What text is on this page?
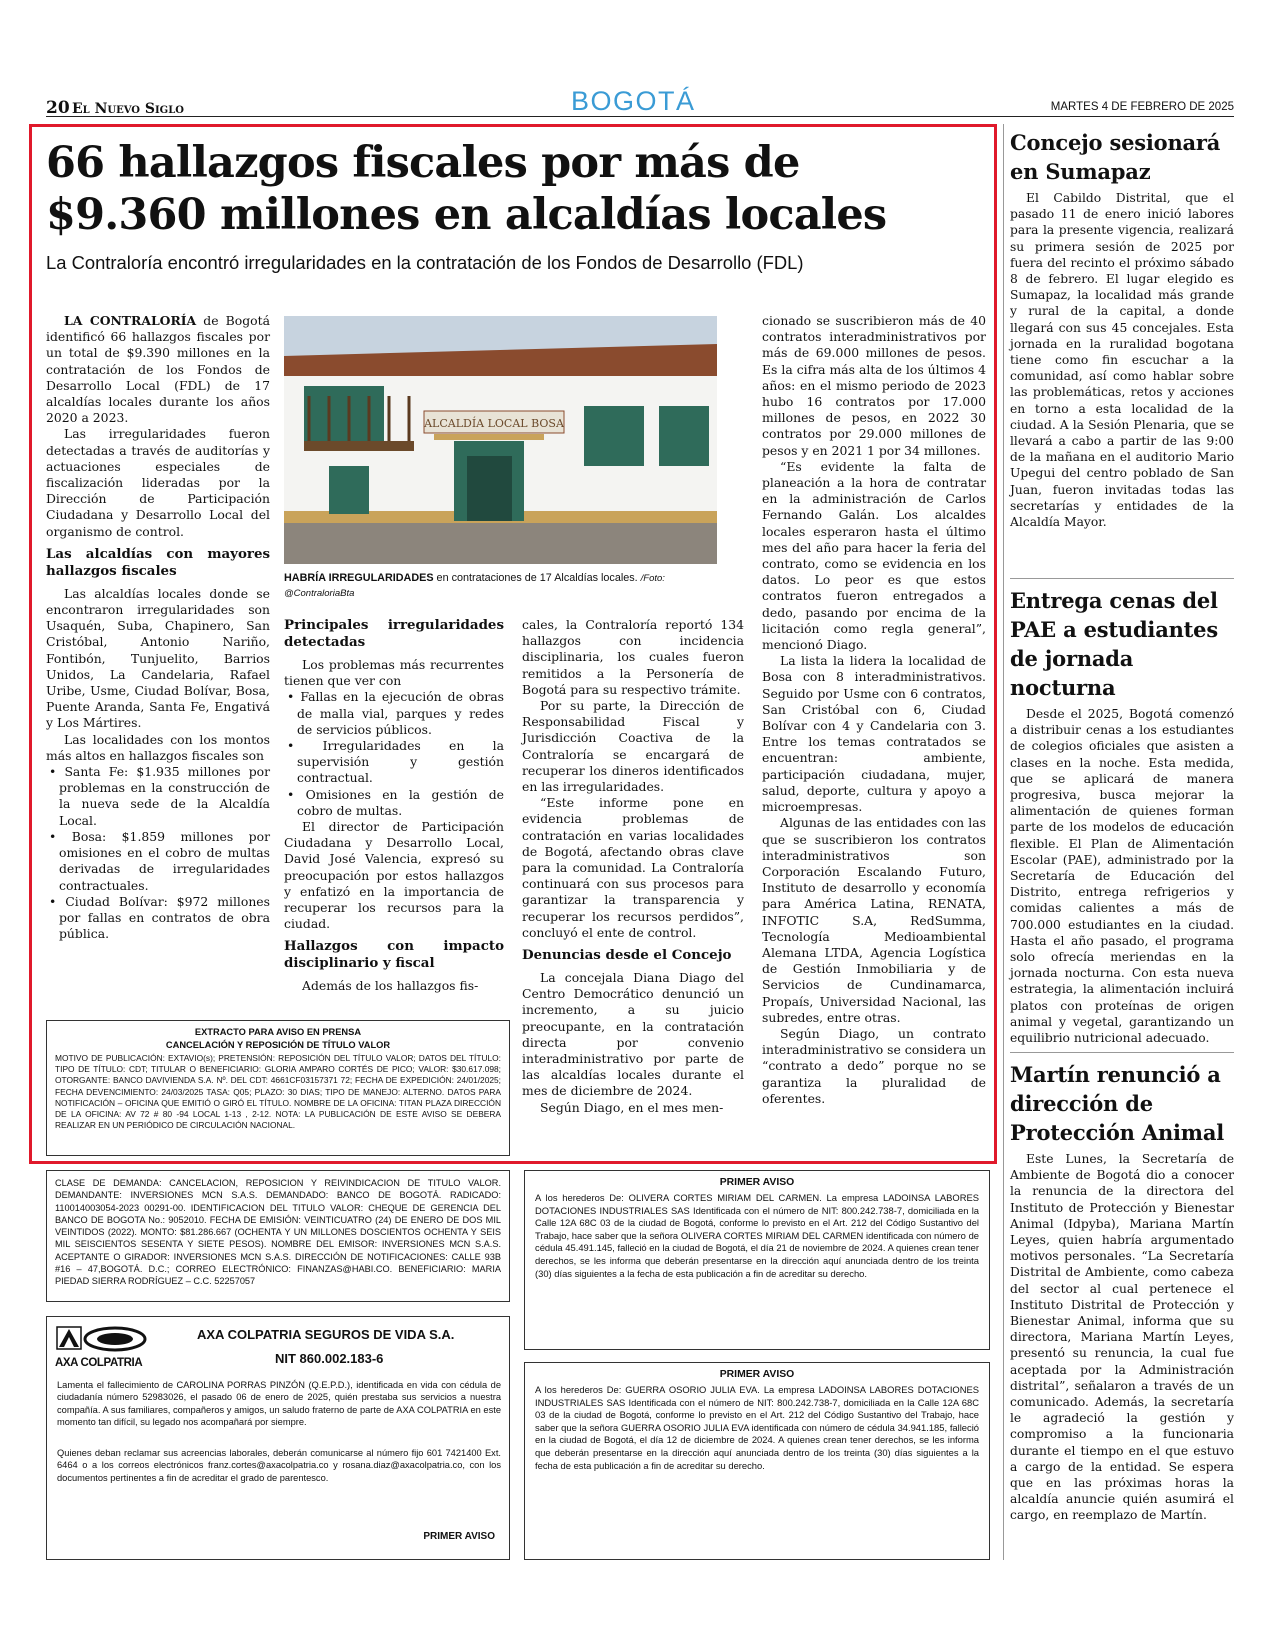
20 El Nuevo Siglo	BOGOTÁ	MARTES 4 DE FEBRERO DE 2025
66 hallazgos fiscales por más de
$9.360 millones en alcaldías locales
La Contraloría encontró irregularidades en la contratación de los Fondos de Desarrollo (FDL)

LA CONTRALORÍA de Bogotá identificó 66 hallazgos fiscales por un total de $9.390 millones en la contratación de los Fondos de Desarrollo Local (FDL) de 17 alcaldías locales durante los años 2020 a 2023.

Las irregularidades fueron detectadas a través de auditorías y actuaciones especiales de fiscalización lideradas por la Dirección de Participación Ciudadana y Desarrollo Local del organismo de control.

Las alcaldías con mayores hallazgos fiscales

Las alcaldías locales donde se encontraron irregularidades son Usaquén, Suba, Chapinero, San Cristóbal, Antonio Nariño, Fontibón, Tunjuelito, Barrios Unidos, La Candelaria, Rafael Uribe, Usme, Ciudad Bolívar, Bosa, Puente Aranda, Santa Fe, Engativá y Los Mártires.

Las localidades con los montos más altos en hallazgos fiscales son

• Santa Fe: $1.935 millones por problemas en la construcción de la nueva sede de la Alcaldía Local.
• Bosa: $1.859 millones por omisiones en el cobro de multas derivadas de irregularidades contractuales.
• Ciudad Bolívar: $972 millones por fallas en contratos de obra pública.
ALCALDÍA LOCAL BOSA
HABRÍA IRREGULARIDADES en contrataciones de 17 Alcaldías locales. /Foto: @ContraloriaBta
Principales irregularidades detectadas

Los problemas más recurrentes tienen que ver con

• Fallas en la ejecución de obras de malla vial, parques y redes de servicios públicos.
• Irregularidades en la supervisión y gestión contractual.
• Omisiones en la gestión de cobro de multas.

El director de Participación Ciudadana y Desarrollo Local, David José Valencia, expresó su preocupación por estos hallazgos y enfatizó en la importancia de recuperar los recursos para la ciudad.

Hallazgos con impacto disciplinario y fiscal

Además de los hallazgos fis-

cales, la Contraloría reportó 134 hallazgos con incidencia disciplinaria, los cuales fueron remitidos a la Personería de Bogotá para su respectivo trámite.

Por su parte, la Dirección de Responsabilidad Fiscal y Jurisdicción Coactiva de la Contraloría se encargará de recuperar los dineros identificados en las irregularidades.

“Este informe pone en evidencia problemas de contratación en varias localidades de Bogotá, afectando obras clave para la comunidad. La Contraloría continuará con sus procesos para garantizar la transparencia y recuperar los recursos perdidos”, concluyó el ente de control.

Denuncias desde el Concejo

La concejala Diana Diago del Centro Democrático denunció un incremento, a su juicio preocupante, en la contratación directa por convenio interadministrativo por parte de las alcaldías locales durante el mes de diciembre de 2024.

Según Diago, en el mes men-

cionado se suscribieron más de 40 contratos interadministrativos por más de 69.000 millones de pesos. Es la cifra más alta de los últimos 4 años: en el mismo periodo de 2023 hubo 16 contratos por 17.000 millones de pesos, en 2022 30 contratos por 29.000 millones de pesos y en 2021 1 por 34 millones.

“Es evidente la falta de planeación a la hora de contratar en la administración de Carlos Fernando Galán. Los alcaldes locales esperaron hasta el último mes del año para hacer la feria del contrato, como se evidencia en los datos. Lo peor es que estos contratos fueron entregados a dedo, pasando por encima de la licitación como regla general”, mencionó Diago.

La lista la lidera la localidad de Bosa con 8 interadministrativos. Seguido por Usme con 6 contratos, San Cristóbal con 6, Ciudad Bolívar con 4 y Candelaria con 3. Entre los temas contratados se encuentran: ambiente, participación ciudadana, mujer, salud, deporte, cultura y apoyo a microempresas.

Algunas de las entidades con las que se suscribieron los contratos interadministrativos son Corporación Escalando Futuro, Instituto de desarrollo y economía para América Latina, RENATA, INFOTIC S.A, RedSumma, Tecnología Medioambiental Alemana LTDA, Agencia Logística de Gestión Inmobiliaria y de Servicios de Cundinamarca, Propaís, Universidad Nacional, las subredes, entre otras.

Según Diago, un contrato interadministrativo se considera un “contrato a dedo” porque no se garantiza la pluralidad de oferentes.

EXTRACTO PARA AVISO EN PRENSA
CANCELACIÓN Y REPOSICIÓN DE TÍTULO VALOR
MOTIVO DE PUBLICACIÓN: EXTAVIO(s); PRETENSIÓN: REPOSICIÓN DEL TÍTULO VALOR; DATOS DEL TÍTULO: TIPO DE TÍTULO: CDT; TITULAR O BENEFICIARIO: GLORIA AMPARO CORTÉS DE PICO; VALOR: $30.617.098; OTORGANTE: BANCO DAVIVIENDA S.A. Nº. DEL CDT: 4661CF03157371 72; FECHA DE EXPEDICIÓN: 24/01/2025; FECHA DEVENCIMIENTO: 24/03/2025 TASA: Q05; PLAZO: 30 DIAS; TIPO DE MANEJO: ALTERNO. DATOS PARA NOTIFICACIÓN – OFICINA QUE EMITIÓ O GIRÓ EL TÍTULO. NOMBRE DE LA OFICINA: TITAN PLAZA DIRECCIÓN DE LA OFICINA: AV 72 # 80 -94 LOCAL 1-13 , 2-12. NOTA: LA PUBLICACIÓN DE ESTE AVISO SE DEBERA REALIZAR EN UN PERIÓDICO DE CIRCULACIÓN NACIONAL.
CLASE DE DEMANDA: CANCELACION, REPOSICION Y REIVINDICACION DE TITULO VALOR. DEMANDANTE: INVERSIONES MCN S.A.S. DEMANDADO: BANCO DE BOGOTÁ. RADICADO: 11001400305​4-2023 00291-00. IDENTIFICACION DEL TITULO VALOR: CHEQUE DE GERENCIA DEL BANCO DE BOGOTA No.: 9052010. FECHA DE EMISIÓN: VEINTICUATRO (24) DE ENERO DE DOS MIL VEINTIDOS (2022). MONTO: $81.286.667 (OCHENTA Y UN MILLONES DOSCIENTOS OCHENTA Y SEIS MIL SEISCIENTOS SESENTA Y SIETE PESOS). NOMBRE DEL EMISOR: INVERSIONES MCN S.A.S. ACEPTANTE O GIRADOR: INVERSIONES MCN S.A.S. DIRECCIÓN DE NOTIFICACIONES: CALLE 93B #16 – 47,BOGOTÁ. D.C.; CORREO ELECTRÓNICO: FINANZAS@HABI.CO. BENEFICIARIO: MARIA PIEDAD SIERRA RODRÍGUEZ – C.C. 52257057
AXA COLPATRIA
AXA COLPATRIA SEGUROS DE VIDA S.A.
NIT 860.002.183-6
Lamenta el fallecimiento de CAROLINA PORRAS PINZÓN (Q.E.P.D.), identificada en vida con cédula de ciudadanía número 52983026, el pasado 06 de enero de 2025, quién prestaba sus servicios a nuestra compañía. A sus familiares, compañeros y amigos, un saludo fraterno de parte de AXA COLPATRIA en este momento tan difícil, su legado nos acompañará por siempre.
Quienes deban reclamar sus acreencias laborales, deberán comunicarse al número fijo 601 7421400 Ext. 6464 o a los correos electrónicos franz.cortes@axacolpatria.co y rosana.diaz@axacolpatria.co, con los documentos pertinentes a fin de acreditar el grado de parentesco.
PRIMER AVISO
PRIMER AVISO
A los herederos De: OLIVERA CORTES MIRIAM DEL CARMEN. La empresa LADOINSA LABORES DOTACIONES INDUSTRIALES SAS Identificada con el número de NIT: 800.242.738-7, domiciliada en la Calle 12A 68C 03 de la ciudad de Bogotá, conforme lo previsto en el Art. 212 del Código Sustantivo del Trabajo, hace saber que la señora OLIVERA CORTES MIRIAM DEL CARMEN identificada con número de cédula 45.491.145, falleció en la ciudad de Bogotá, el día 21 de noviembre de 2024. A quienes crean tener derechos, se les informa que deberán presentarse en la dirección aquí anunciada dentro de los treinta (30) días siguientes a la fecha de esta publicación a fin de acreditar su derecho.
PRIMER AVISO
A los herederos De: GUERRA OSORIO JULIA EVA. La empresa LADOINSA LABORES DOTACIONES INDUSTRIALES SAS Identificada con el número de NIT: 800.242.738-7, domiciliada en la Calle 12A 68C 03 de la ciudad de Bogotá, conforme lo previsto en el Art. 212 del Código Sustantivo del Trabajo, hace saber que la señora GUERRA OSORIO JULIA EVA identificada con número de cédula 34.941.185, falleció en la ciudad de Bogotá, el día 12 de diciembre de 2024. A quienes crean tener derechos, se les informa que deberán presentarse en la dirección aquí anunciada dentro de los treinta (30) días siguientes a la fecha de esta publicación a fin de acreditar su derecho.
Concejo sesionará en Sumapaz

El Cabildo Distrital, que el pasado 11 de enero inició labores para la presente vigencia, realizará su primera sesión de 2025 por fuera del recinto el próximo sábado 8 de febrero. El lugar elegido es Sumapaz, la localidad más grande y rural de la capital, a donde llegará con sus 45 concejales. Esta jornada en la ruralidad bogotana tiene como fin escuchar a la comunidad, así como hablar sobre las problemáticas, retos y acciones en torno a esta localidad de la ciudad. A la Sesión Plenaria, que se llevará a cabo a partir de las 9:00 de la mañana en el auditorio Mario Upegui del centro poblado de San Juan, fueron invitadas todas las secretarías y entidades de la Alcaldía Mayor.

Entrega cenas del PAE a estudiantes de jornada nocturna

Desde el 2025, Bogotá comenzó a distribuir cenas a los estudiantes de colegios oficiales que asisten a clases en la noche. Esta medida, que se aplicará de manera progresiva, busca mejorar la alimentación de quienes forman parte de los modelos de educación flexible. El Plan de Alimentación Escolar (PAE), administrado por la Secretaría de Educación del Distrito, entrega refrigerios y comidas calientes a más de 700.000 estudiantes en la ciudad. Hasta el año pasado, el programa solo ofrecía meriendas en la jornada nocturna. Con esta nueva estrategia, la alimentación incluirá platos con proteínas de origen animal y vegetal, garantizando un equilibrio nutricional adecuado.

Martín renunció a dirección de Protección Animal

Este Lunes, la Secretaría de Ambiente de Bogotá dio a conocer la renuncia de la directora del Instituto de Protección y Bienestar Animal (Idpyba), Mariana Martín Leyes, quien habría argumentado motivos personales. “La Secretaría Distrital de Ambiente, como cabeza del sector al cual pertenece el Instituto Distrital de Protección y Bienestar Animal, informa que su directora, Mariana Martín Leyes, presentó su renuncia, la cual fue aceptada por la Administración distrital”, señalaron a través de un comunicado. Además, la secretaría le agradeció la gestión y compromiso a la funcionaria durante el tiempo en el que estuvo a cargo de la entidad. Se espera que en las próximas horas la alcaldía anuncie quién asumirá el cargo, en reemplazo de Martín.
